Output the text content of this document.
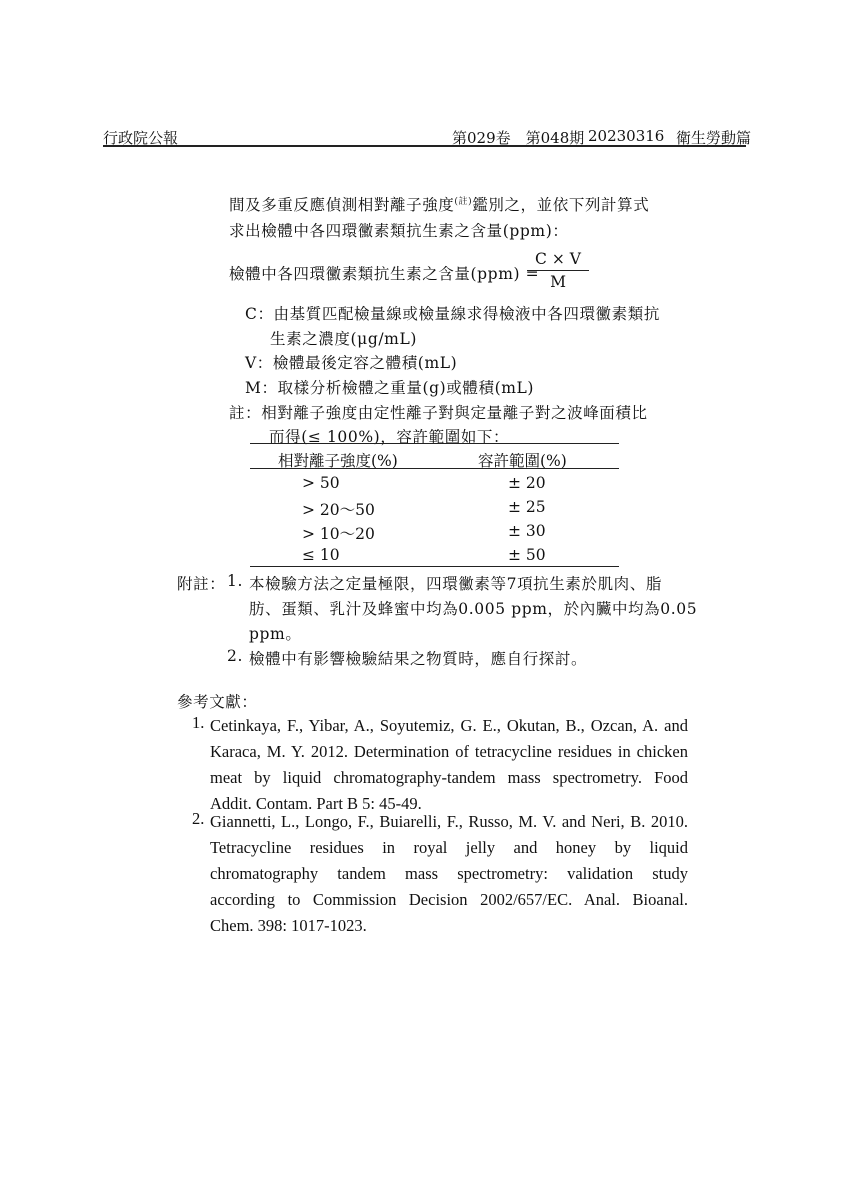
行政院公報	第029卷　第048期 20230316 衛生勞動篇
間及多重反應偵測相對離子強度$^{(註)}$鑑別之，並依下列計算式
求出檢體中各四環黴素類抗生素之含量(ppm)：
檢體中各四環黴素類抗生素之含量(ppm) =
$\frac{C \times V}{M}$
C：由基質匹配檢量線或檢量線求得檢液中各四環黴素類抗
生素之濃度(μg/mL)
V：檢體最後定容之體積(mL)
M：取樣分析檢體之重量(g)或體積(mL)
註：相對離子強度由定性離子對與定量離子對之波峰面積比
而得(≤ 100%)，容許範圍如下：
相對離子強度(%)	容許範圍(%)
> 50	± 20
> 20～50	± 25
> 10～20	± 30
≤ 10	± 50
附註： 1. 本檢驗方法之定量極限，四環黴素等7項抗生素於肌肉、脂
肪、蛋類、乳汁及蜂蜜中均為0.005 ppm，於內臟中均為0.05
ppm。
2. 檢體中有影響檢驗結果之物質時，應自行探討。
參考文獻：
1. Cetinkaya, F., Yibar, A., Soyutemiz, G. E., Okutan, B., Ozcan, A. and
Karaca, M. Y. 2012. Determination of tetracycline residues in chicken
meat by liquid chromatography-tandem mass spectrometry. Food
Addit. Contam. Part B 5: 45-49.
2. Giannetti, L., Longo, F., Buiarelli, F., Russo, M. V. and Neri, B. 2010.
Tetracycline residues in royal jelly and honey by liquid
chromatography tandem mass spectrometry: validation study
according to Commission Decision 2002/657/EC. Anal. Bioanal.
Chem. 398: 1017-1023.
